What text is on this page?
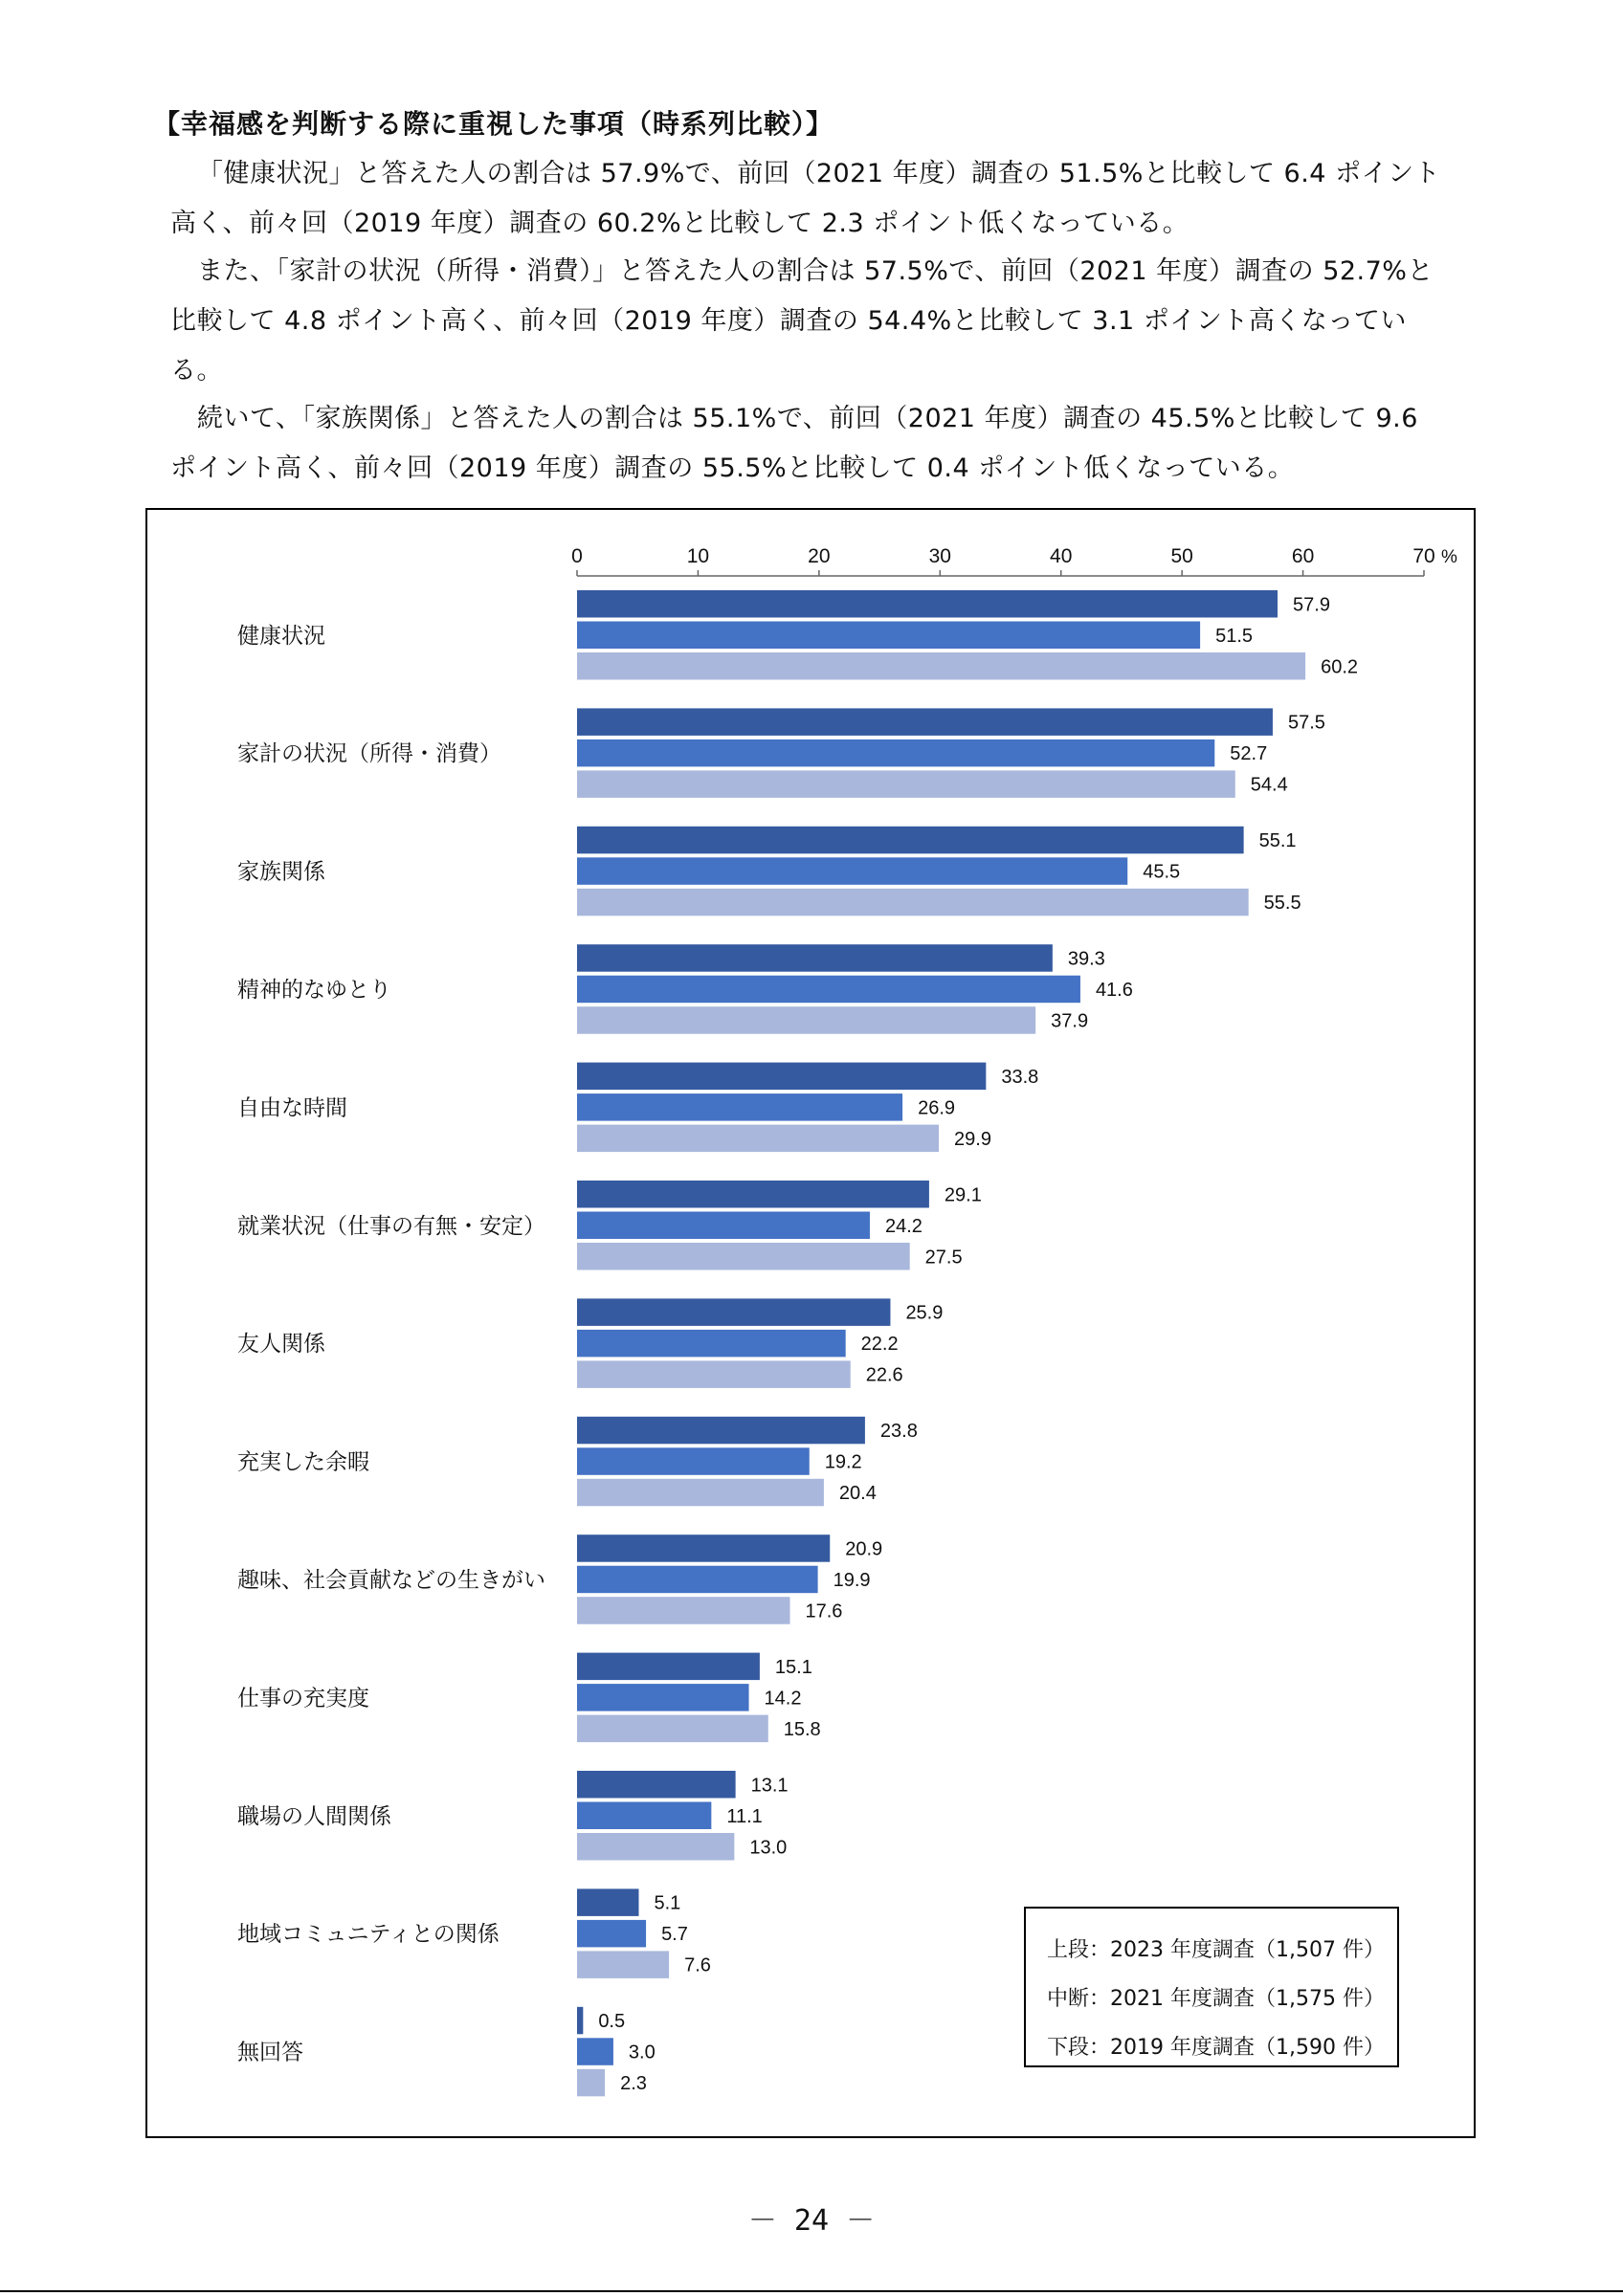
【幸福感を判断する際に重視した事項（時系列比較）】

「健康状況」と答えた人の割合は 57.9%で、前回（2021 年度）調査の 51.5%と比較して 6.4 ポイント高く、前々回（2019 年度）調査の 60.2%と比較して 2.3 ポイント低くなっている。

また、「家計の状況（所得・消費）」と答えた人の割合は 57.5%で、前回（2021 年度）調査の 52.7%と比較して 4.8 ポイント高く、前々回（2019 年度）調査の 54.4%と比較して 3.1 ポイント高くなっている。

続いて、「家族関係」と答えた人の割合は 55.1%で、前回（2021 年度）調査の 45.5%と比較して 9.6 ポイント高く、前々回（2019 年度）調査の 55.5%と比較して 0.4 ポイント低くなっている。

0	10	20	30	40	50	60	70 %
健康状況
57.9
51.5
60.2
家計の状況（所得・消費）
57.5
52.7
54.4
家族関係
55.1
45.5
55.5
精神的なゆとり
39.3
41.6
37.9
自由な時間
33.8
26.9
29.9
就業状況（仕事の有無・安定）
29.1
24.2
27.5
友人関係
25.9
22.2
22.6
充実した余暇
23.8
19.2
20.4
趣味、社会貢献などの生きがい
20.9
19.9
17.6
仕事の充実度
15.1
14.2
15.8
職場の人間関係
13.1
11.1
13.0
地域コミュニティとの関係
5.1
5.7
7.6
無回答
0.5
3.0
2.3
上段：2023 年度調査（1,507 件）
中断：2021 年度調査（1,575 件）
下段：2019 年度調査（1,590 件）
－ 24 －
